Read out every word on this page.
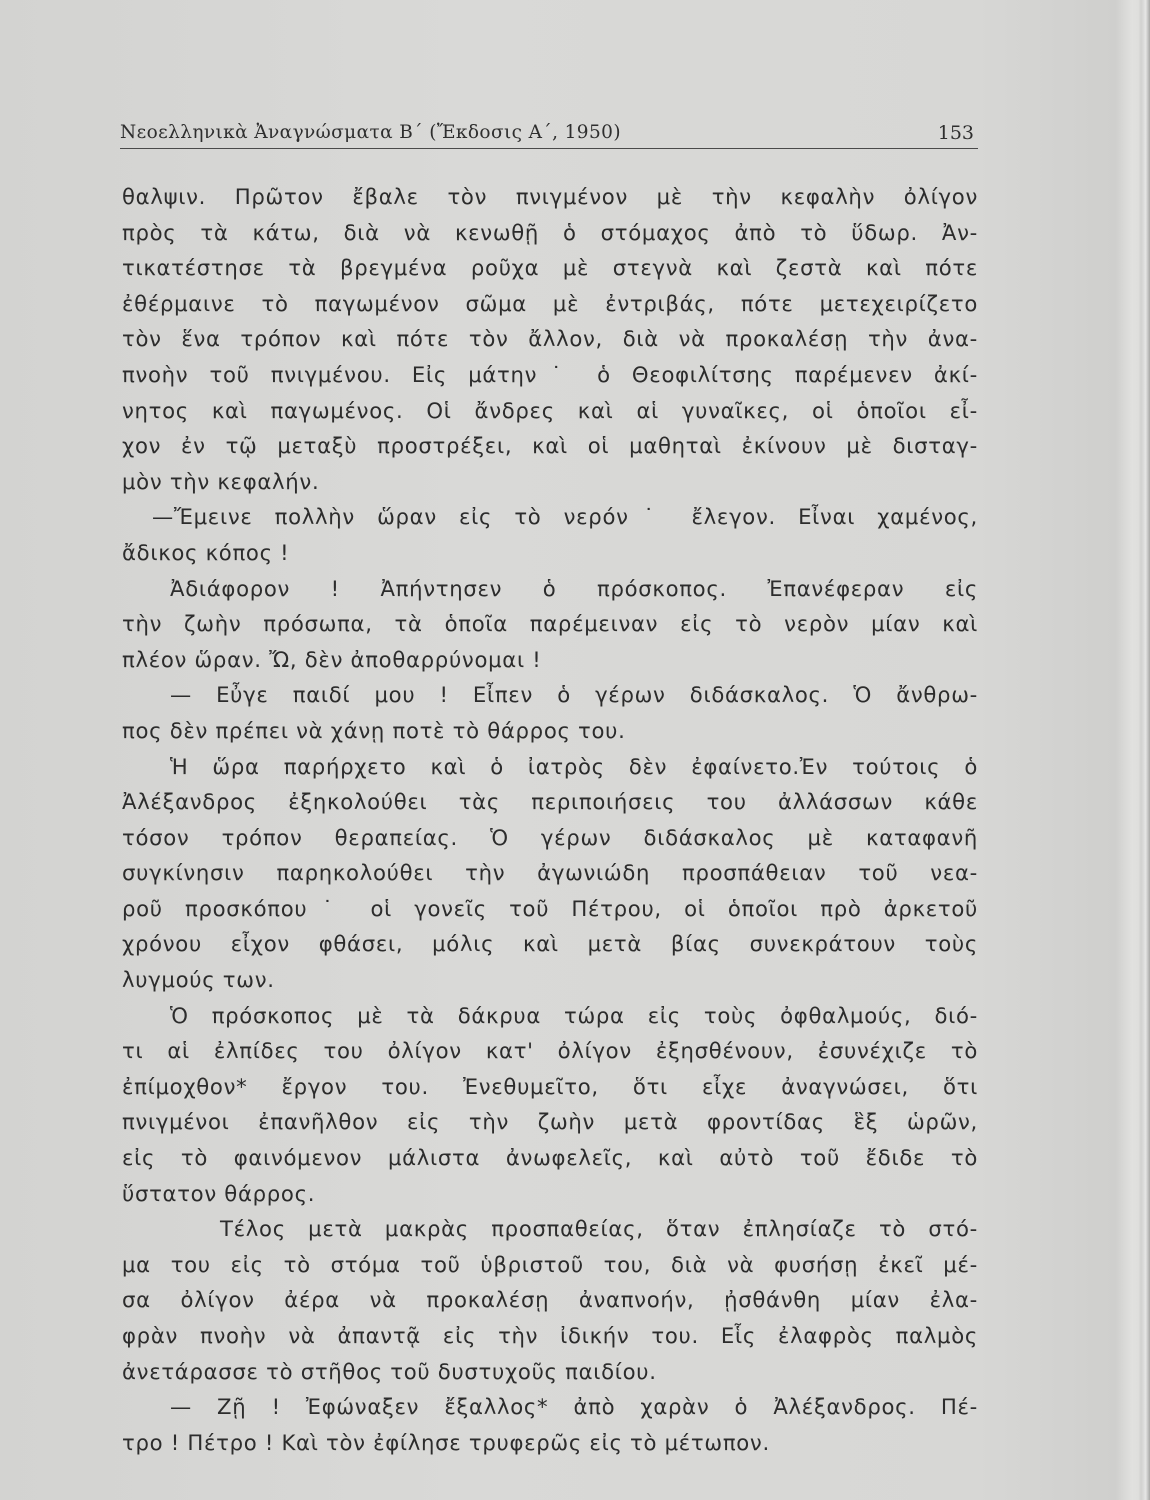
Νεοελληνικὰ Ἀναγνώσματα Β΄ (Ἔκδοσις Α΄, 1950)	153
θαλψιν. Πρῶτον ἔβαλε τὸν πνιγμένον μὲ τὴν κεφαλὴν ὀλίγον
πρὸς τὰ κάτω, διὰ νὰ κενωθῇ ὁ στόμαχος ἀπὸ τὸ ὕδωρ. Ἀν-
τικατέστησε τὰ βρεγμένα ροῦχα μὲ στεγνὰ καὶ ζεστὰ καὶ πότε
ἐθέρμαινε τὸ παγωμένον σῶμα μὲ ἐντριβάς, πότε μετεχειρίζετο
τὸν ἕνα τρόπον καὶ πότε τὸν ἄλλον, διὰ νὰ προκαλέσῃ τὴν ἀνα-
πνοὴν τοῦ πνιγμένου. Εἰς μάτην˙ ὁ Θεοφιλίτσης παρέμενεν ἀκί-
νητος καὶ παγωμένος. Οἱ ἄνδρες καὶ αἱ γυναῖκες, οἱ ὁποῖοι εἶ-
χον ἐν τῷ μεταξὺ προστρέξει, καὶ οἱ μαθηταὶ ἐκίνουν μὲ δισταγ-
μὸν τὴν κεφαλήν.
—Ἔμεινε πολλὴν ὥραν εἰς τὸ νερόν˙ ἔλεγον. Εἶναι χαμένος,
ἄδικος κόπος !
Ἀδιάφορον ! Ἀπήντησεν ὁ πρόσκοπος. Ἐπανέφεραν εἰς
τὴν ζωὴν πρόσωπα, τὰ ὁποῖα παρέμειναν εἰς τὸ νερὸν μίαν καὶ
πλέον ὥραν. Ὤ, δὲν ἀποθαρρύνομαι !
— Εὖγε παιδί μου ! Εἶπεν ὁ γέρων διδάσκαλος. Ὁ ἄνθρω-
πος δὲν πρέπει νὰ χάνῃ ποτὲ τὸ θάρρος του.
Ἡ ὥρα παρήρχετο καὶ ὁ ἰατρὸς δὲν ἐφαίνετο.Ἐν τούτοις ὁ
Ἀλέξανδρος ἐξηκολούθει τὰς περιποιήσεις του ἀλλάσσων κάθε
τόσον τρόπον θεραπείας. Ὁ γέρων διδάσκαλος μὲ καταφανῆ
συγκίνησιν παρηκολούθει τὴν ἀγωνιώδη προσπάθειαν τοῦ νεα-
ροῦ προσκόπου˙ οἱ γονεῖς τοῦ Πέτρου, οἱ ὁποῖοι πρὸ ἀρκετοῦ
χρόνου εἶχον φθάσει, μόλις καὶ μετὰ βίας συνεκράτουν τοὺς
λυγμούς των.
Ὁ πρόσκοπος μὲ τὰ δάκρυα τώρα εἰς τοὺς ὀφθαλμούς, διό-
τι αἱ ἐλπίδες του ὀλίγον κατ' ὀλίγον ἐξησθένουν, ἐσυνέχιζε τὸ
ἐπίμοχθον* ἔργον του. Ἐνεθυμεῖτο, ὅτι εἶχε ἀναγνώσει, ὅτι
πνιγμένοι ἐπανῆλθον εἰς τὴν ζωὴν μετὰ φροντίδας ἓξ ὡρῶν,
εἰς τὸ φαινόμενον μάλιστα ἀνωφελεῖς, καὶ αὐτὸ τοῦ ἔδιδε τὸ
ὕστατον θάρρος.
Τέλος μετὰ μακρὰς προσπαθείας, ὅταν ἐπλησίαζε τὸ στό-
μα του εἰς τὸ στόμα τοῦ ὑβριστοῦ του, διὰ νὰ φυσήσῃ ἐκεῖ μέ-
σα ὀλίγον ἀέρα νὰ προκαλέσῃ ἀναπνοήν, ᾐσθάνθη μίαν ἐλα-
φρὰν πνοὴν νὰ ἀπαντᾷ εἰς τὴν ἰδικήν του. Εἷς ἐλαφρὸς παλμὸς
ἀνετάρασσε τὸ στῆθος τοῦ δυστυχοῦς παιδίου.
— Ζῇ ! Ἐφώναξεν ἔξαλλος* ἀπὸ χαρὰν ὁ Ἀλέξανδρος. Πέ-
τρο ! Πέτρο ! Καὶ τὸν ἐφίλησε τρυφερῶς εἰς τὸ μέτωπον.
